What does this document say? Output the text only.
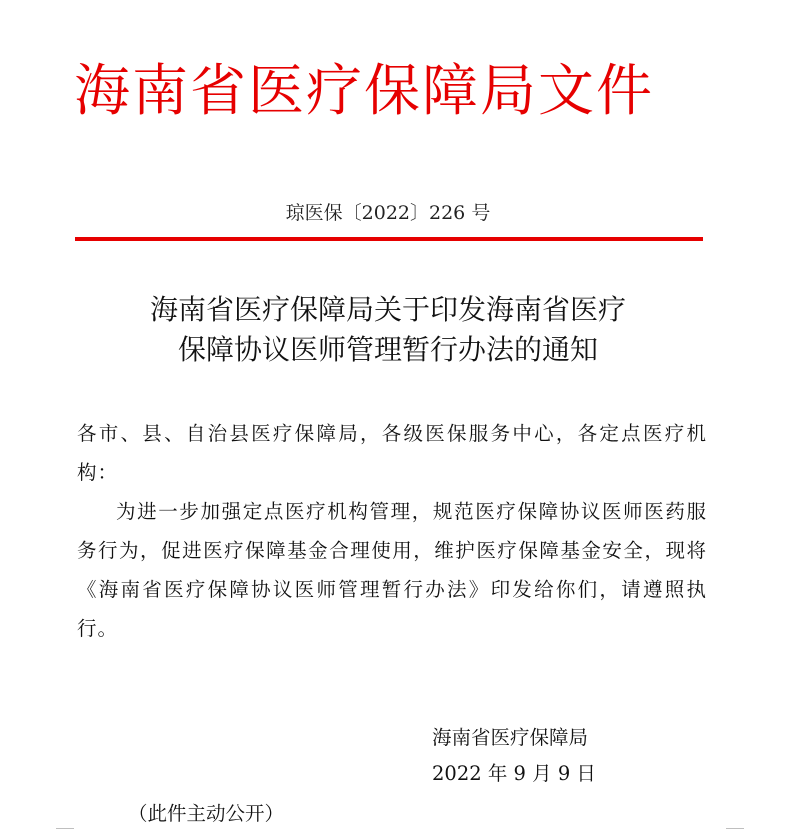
海南省医疗保障局文件
琼医保〔2022〕226 号
海南省医疗保障局关于印发海南省医疗
保障协议医师管理暂行办法的通知

各市、县、自治县医疗保障局，各级医保服务中心，各定点医疗机构：

为进一步加强定点医疗机构管理，规范医疗保障协议医师医药服务行为，促进医疗保障基金合理使用，维护医疗保障基金安全，现将《海南省医疗保障协议医师管理暂行办法》印发给你们，请遵照执行。

海南省医疗保障局
2022 年 9 月 9 日
（此件主动公开）
